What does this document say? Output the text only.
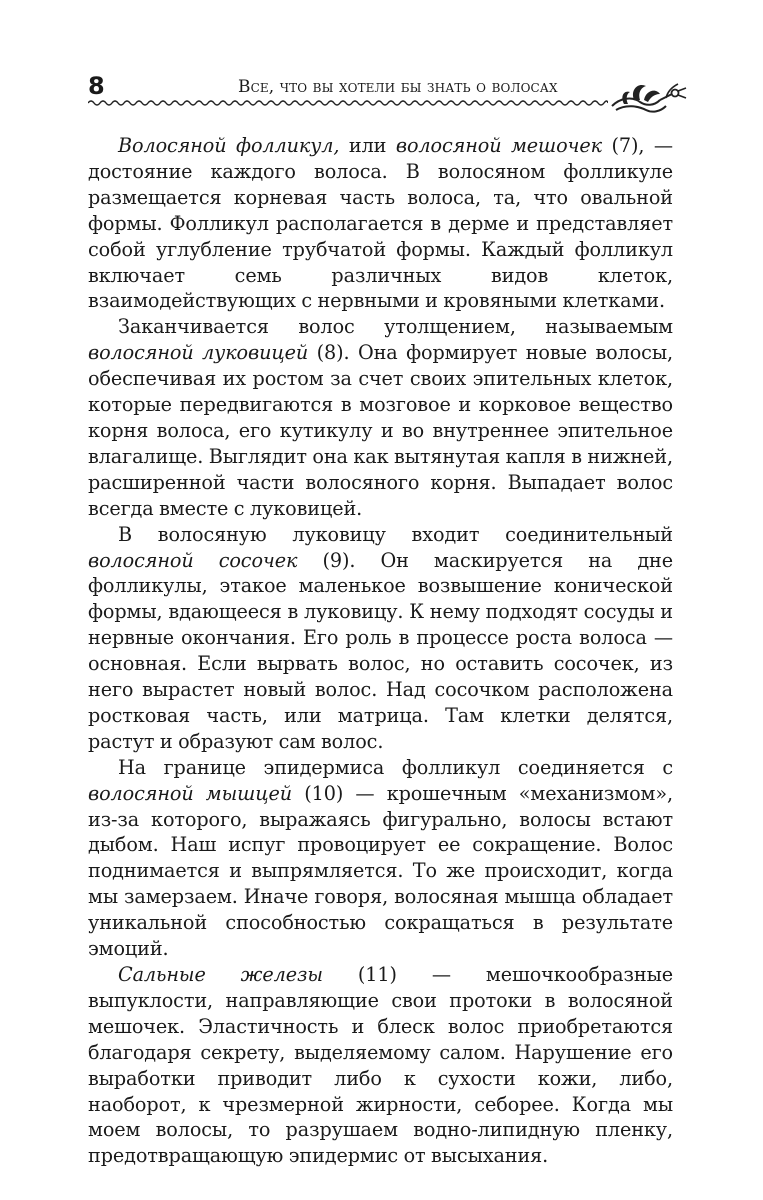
8	Все, что вы хотели бы знать о волосах

Волосяной фолликул, или волосяной мешочек (7), — достояние каждого волоса. В волосяном фолликуле размещается корневая часть волоса, та, что овальной формы. Фолликул располагается в дерме и представляет собой углубление трубчатой формы. Каждый фолликул включает семь различных видов клеток, взаимодействующих с нервными и кровяными клетками.

Заканчивается волос утолщением, называемым волосяной луковицей (8). Она формирует новые волосы, обеспечивая их ростом за счет своих эпительных клеток, которые передвигаются в мозговое и корковое вещество корня волоса, его кутикулу и во внутреннее эпительное влагалище. Выглядит она как вытянутая капля в нижней, расширенной части волосяного корня. Выпадает волос всегда вместе с луковицей.

В волосяную луковицу входит соединительный волосяной сосочек (9). Он маскируется на дне фолликулы, этакое маленькое возвышение конической формы, вдающееся в луковицу. К нему подходят сосуды и нервные окончания. Его роль в процессе роста волоса — основная. Если вырвать волос, но оставить сосочек, из него вырастет новый волос. Над сосочком расположена ростковая часть, или матрица. Там клетки делятся, растут и образуют сам волос.

На границе эпидермиса фолликул соединяется с волосяной мышцей (10) — крошечным «механизмом», из-за которого, выражаясь фигурально, волосы встают дыбом. Наш испуг провоцирует ее сокращение. Волос поднимается и выпрямляется. То же происходит, когда мы замерзаем. Иначе говоря, волосяная мышца обладает уникальной способностью сокращаться в результате эмоций.

Сальные железы (11) — мешочкообразные выпуклости, направляющие свои протоки в волосяной мешочек. Эластичность и блеск волос приобретаются благодаря секрету, выделяемому салом. Нарушение его выработки приводит либо к сухости кожи, либо, наоборот, к чрезмерной жирности, себорее. Когда мы моем волосы, то разрушаем водно-липидную пленку, предотвращающую эпидермис от высыхания.
